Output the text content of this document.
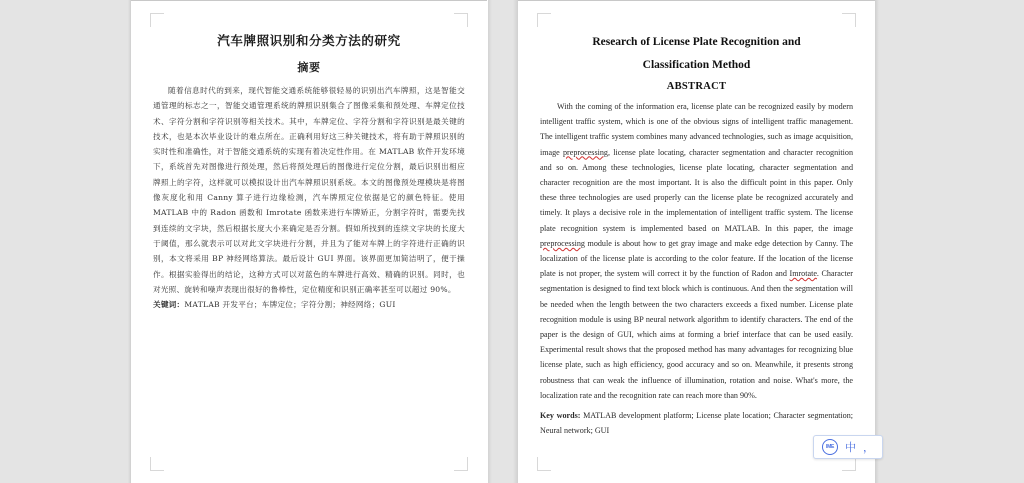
汽车牌照识别和分类方法的研究
摘要

随着信息时代的到来，现代智能交通系统能够很轻易的识别出汽车牌照，这是智能交通管理的标志之一，智能交通管理系统的牌照识别集合了图像采集和预处理、车牌定位技术、字符分割和字符识别等相关技术。其中，车牌定位、字符分割和字符识别是最关键的技术，也是本次毕业设计的难点所在。正确利用好这三种关键技术，将有助于牌照识别的实时性和准确性，对于智能交通系统的实现有着决定性作用。在 MATLAB 软件开发环境下，系统首先对图像进行预处理，然后将预处理后的图像进行定位分割，最后识别出相应牌照上的字符，这样就可以模拟设计出汽车牌照识别系统。本文的图像预处理模块是将图像灰度化和用 Canny 算子进行边缘检测，汽车牌照定位依据是它的颜色特征。使用 MATLAB 中的 Radon 函数和 Imrotate 函数来进行车牌矫正，分割字符时，需要先找到连续的文字块，然后根据长度大小来确定是否分割。假如所找到的连续文字块的长度大于阈值，那么就表示可以对此文字块进行分割，并且为了能对车牌上的字符进行正确的识别，本文将采用 BP 神经网络算法。最后设计 GUI 界面。该界面更加简洁明了，便于操作。根据实验得出的结论，这种方式可以对蓝色的车牌进行高效、精确的识别。同时，也对光照、旋转和噪声表现出很好的鲁棒性，定位精度和识别正确率甚至可以超过 90%。

关键词：MATLAB 开发平台；车牌定位；字符分割；神经网络；GUI

Research of License Plate Recognition and
Classification Method
ABSTRACT

With the coming of the information era, license plate can be recognized easily by modern intelligent traffic system, which is one of the obvious signs of intelligent traffic management. The intelligent traffic system combines many advanced technologies, such as image acquisition, image preprocessing, license plate locating, character segmentation and character recognition and so on. Among these technologies, license plate locating, character segmentation and character recognition are the most important. It is also the difficult point in this paper. Only these three technologies are used properly can the license plate be recognized accurately and timely. It plays a decisive role in the implementation of intelligent traffic system. The license plate recognition system is implemented based on MATLAB. In this paper, the image preprocessing module is about how to get gray image and make edge detection by Canny. The localization of the license plate is according to the color feature. If the location of the license plate is not proper, the system will correct it by the function of Radon and Imrotate. Character segmentation is designed to find text block which is continuous. And then the segmentation will be needed when the length between the two characters exceeds a fixed number. License plate recognition module is using BP neural network algorithm to identify characters. The end of the paper is the design of GUI, which aims at forming a brief interface that can be used easily. Experimental result shows that the proposed method has many advantages for recognizing blue license plate, such as high efficiency, good accuracy and so on. Meanwhile, it presents strong robustness that can weak the influence of illumination, rotation and noise. What's more, the localization rate and the recognition rate can reach more than 90%.

Key words: MATLAB development platform; License plate location; Character segmentation; Neural network; GUI

IME	中 ，
